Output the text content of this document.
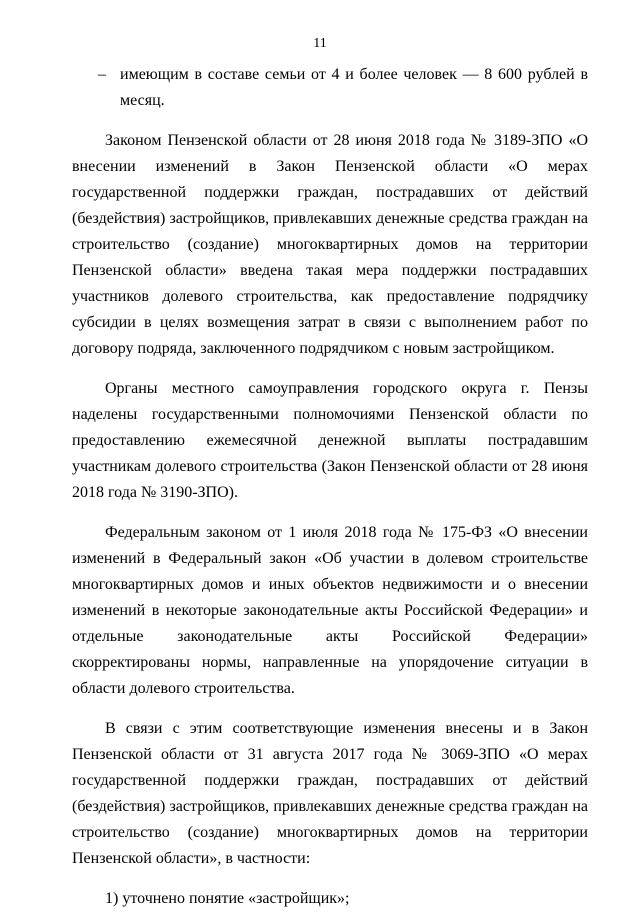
11
– имеющим в составе семьи от 4 и более человек — 8 600 рублей в месяц.

Законом Пензенской области от 28 июня 2018 года № 3189-ЗПО «О внесении изменений в Закон Пензенской области «О мерах государственной поддержки граждан, пострадавших от действий (бездействия) застройщиков, привлекавших денежные средства граждан на строительство (создание) многоквартирных домов на территории Пензенской области» введена такая мера поддержки пострадавших участников долевого строительства, как предоставление подрядчику субсидии в целях возмещения затрат в связи с выполнением работ по договору подряда, заключенного подрядчиком с новым застройщиком.

Органы местного самоуправления городского округа г. Пензы наделены государственными полномочиями Пензенской области по предоставлению ежемесячной денежной выплаты пострадавшим участникам долевого строительства (Закон Пензенской области от 28 июня 2018 года № 3190-ЗПО).

Федеральным законом от 1 июля 2018 года № 175-ФЗ «О внесении изменений в Федеральный закон «Об участии в долевом строительстве многоквартирных домов и иных объектов недвижимости и о внесении изменений в некоторые законодательные акты Российской Федерации» и отдельные законодательные акты Российской Федерации» скорректированы нормы, направленные на упорядочение ситуации в области долевого строительства.

В связи с этим соответствующие изменения внесены и в Закон Пензенской области от 31 августа 2017 года № 3069-ЗПО «О мерах государственной поддержки граждан, пострадавших от действий (бездействия) застройщиков, привлекавших денежные средства граждан на строительство (создание) многоквартирных домов на территории Пензенской области», в частности:

1) уточнено понятие «застройщик»;
